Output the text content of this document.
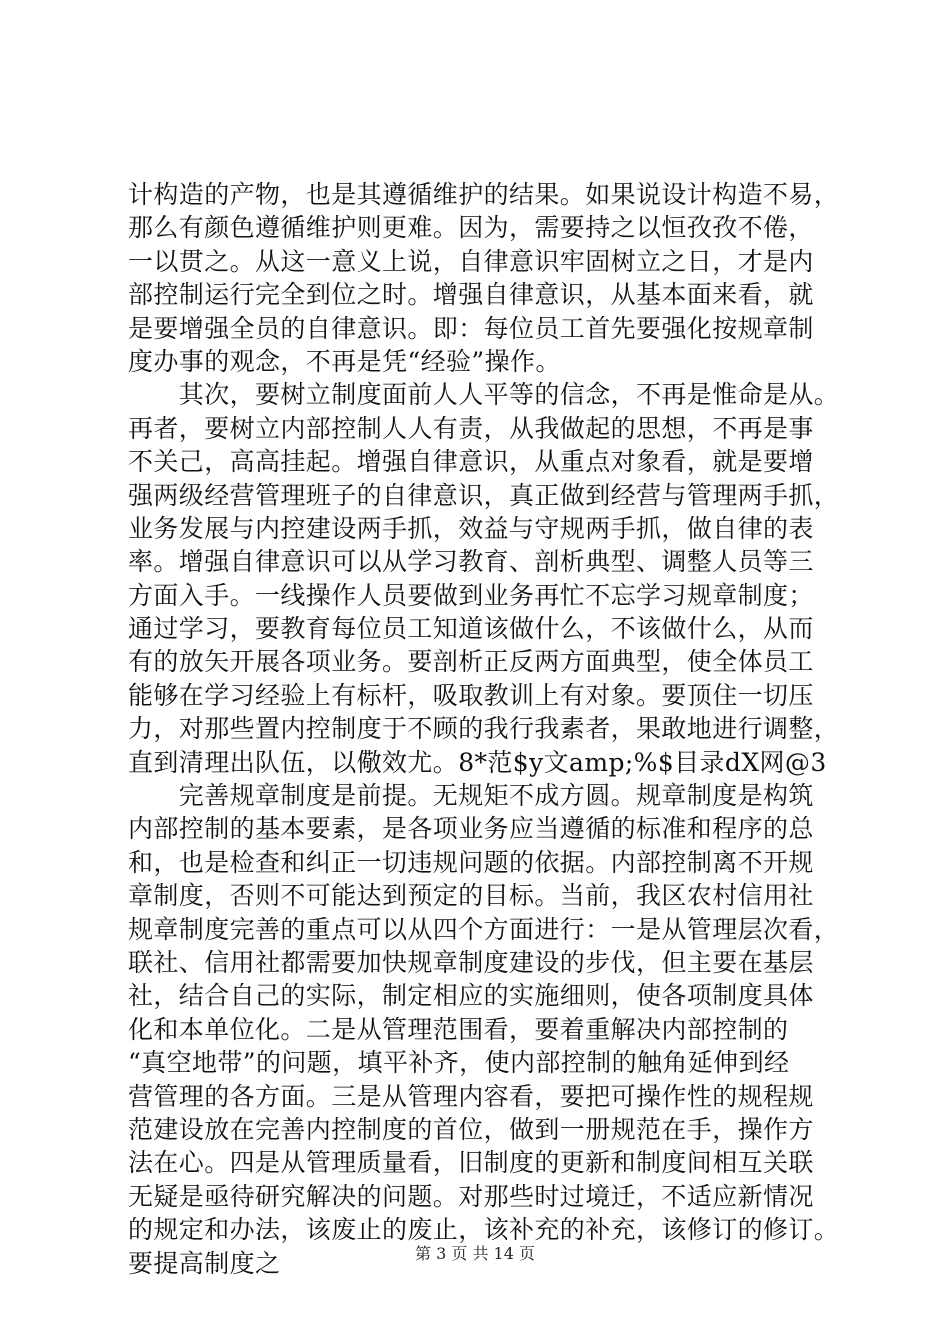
计构造的产物，也是其遵循维护的结果。如果说设计构造不易，
那么有颜色遵循维护则更难。因为，需要持之以恒孜孜不倦，
一以贯之。从这一意义上说，自律意识牢固树立之日，才是内
部控制运行完全到位之时。增强自律意识，从基本面来看，就
是要增强全员的自律意识。即：每位员工首先要强化按规章制
度办事的观念，不再是凭“经验”操作。
　　其次，要树立制度面前人人平等的信念，不再是惟命是从。
再者，要树立内部控制人人有责，从我做起的思想，不再是事
不关己，高高挂起。增强自律意识，从重点对象看，就是要增
强两级经营管理班子的自律意识，真正做到经营与管理两手抓，
业务发展与内控建设两手抓，效益与守规两手抓，做自律的表
率。增强自律意识可以从学习教育、剖析典型、调整人员等三
方面入手。一线操作人员要做到业务再忙不忘学习规章制度；
通过学习，要教育每位员工知道该做什么，不该做什么，从而
有的放矢开展各项业务。要剖析正反两方面典型，使全体员工
能够在学习经验上有标杆，吸取教训上有对象。要顶住一切压
力，对那些置内控制度于不顾的我行我素者，果敢地进行调整，
直到清理出队伍，以儆效尤。8*范$y文amp;%$目录dX网@3
　　完善规章制度是前提。无规矩不成方圆。规章制度是构筑
内部控制的基本要素，是各项业务应当遵循的标准和程序的总
和，也是检查和纠正一切违规问题的依据。内部控制离不开规
章制度，否则不可能达到预定的目标。当前，我区农村信用社
规章制度完善的重点可以从四个方面进行：一是从管理层次看，
联社、信用社都需要加快规章制度建设的步伐，但主要在基层
社，结合自己的实际，制定相应的实施细则，使各项制度具体
化和本单位化。二是从管理范围看，要着重解决内部控制的
“真空地带”的问题，填平补齐，使内部控制的触角延伸到经
营管理的各方面。三是从管理内容看，要把可操作性的规程规
范建设放在完善内控制度的首位，做到一册规范在手，操作方
法在心。四是从管理质量看，旧制度的更新和制度间相互关联
无疑是亟待研究解决的问题。对那些时过境迁，不适应新情况
的规定和办法，该废止的废止，该补充的补充，该修订的修订。
要提高制度之	第 3 页 共 14 页
